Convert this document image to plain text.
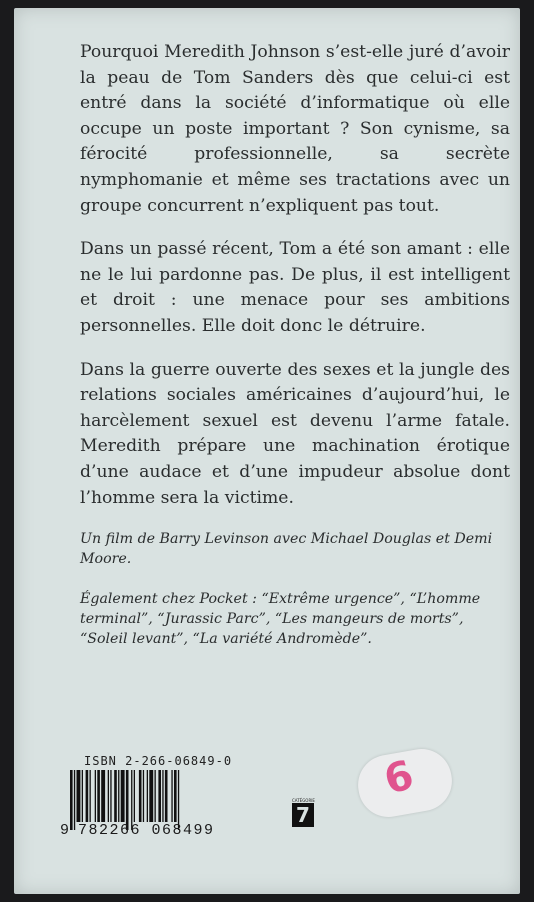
Pourquoi Meredith Johnson s’est-elle juré d’avoir la peau de Tom Sanders dès que celui-ci est entré dans la société d’informatique où elle occupe un poste important ? Son cynisme, sa férocité professionnelle, sa secrète nymphomanie et même ses tractations avec un groupe concurrent n’expliquent pas tout.

Dans un passé récent, Tom a été son amant : elle ne le lui pardonne pas. De plus, il est intelligent et droit : une menace pour ses ambitions personnelles. Elle doit donc le détruire.

Dans la guerre ouverte des sexes et la jungle des relations sociales américaines d’aujourd’hui, le harcèlement sexuel est devenu l’arme fatale. Meredith prépare une machination érotique d’une audace et d’une impudeur absolue dont l’homme sera la victime.

Un film de Barry Levinson avec Michael Douglas et Demi Moore.

Également chez Pocket : “Extrême urgence”, “L’homme terminal”, “Jurassic Parc”, “Les mangeurs de morts”, “Soleil levant”, “La variété Andromède”.

ISBN 2-266-06849-0
9 782266 068499
CATÉGORIE
7
6
